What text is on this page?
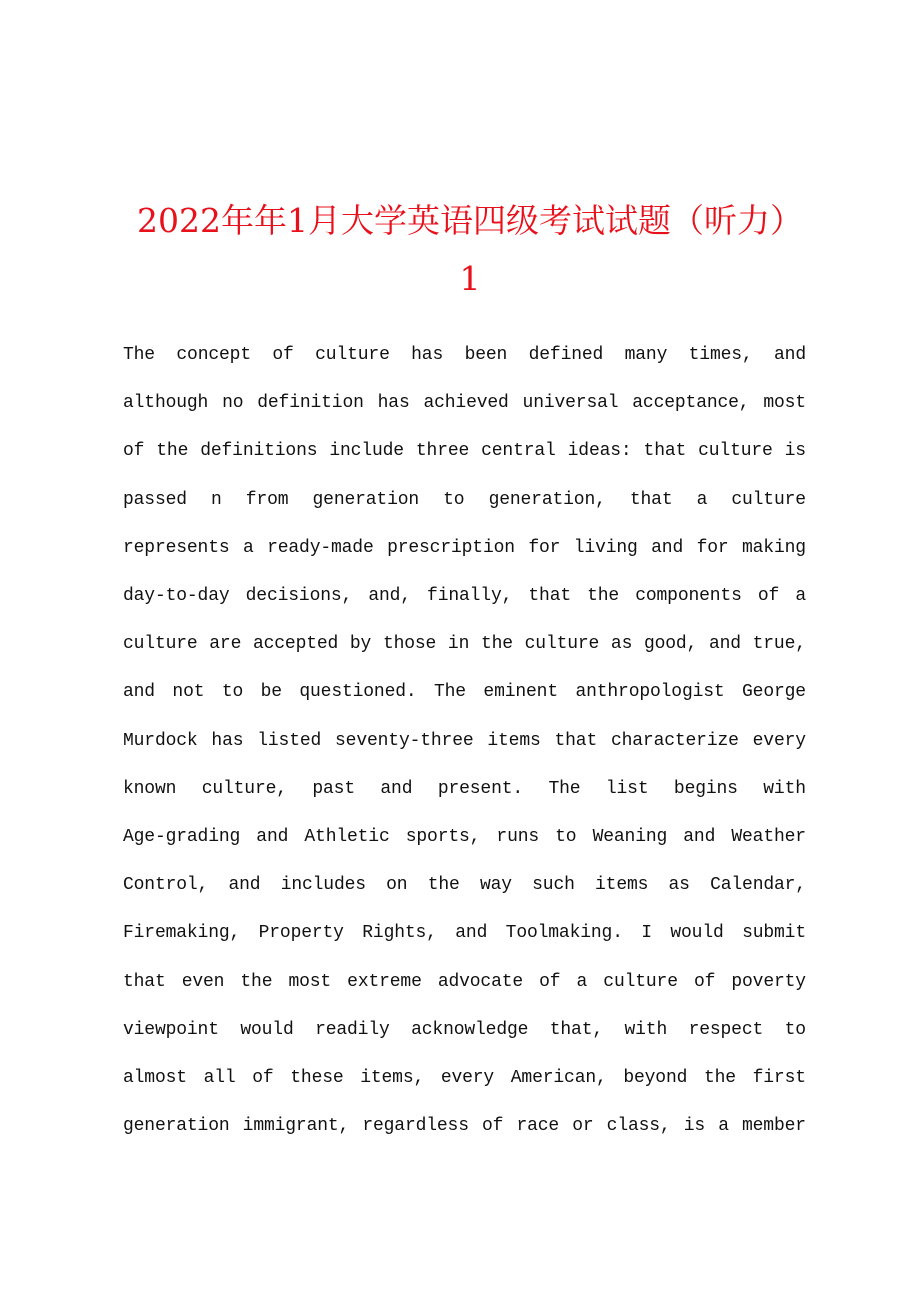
2022年年1月大学英语四级考试试题（听力）
1
The concept of culture has been defined many times, and
although no definition has achieved universal acceptance, most
of the definitions include three central ideas: that culture is
passed n from generation to generation, that a culture
represents a ready-made prescription for living and for making
day-to-day decisions, and, finally, that the components of a
culture are accepted by those in the culture as good, and true,
and not to be questioned. The eminent anthropologist George
Murdock has listed seventy-three items that characterize every
known culture, past and present. The list begins with
Age-grading and Athletic sports, runs to Weaning and Weather
Control, and includes on the way such items as Calendar,
Firemaking, Property Rights, and Toolmaking. I would submit
that even the most extreme advocate of a culture of poverty
viewpoint would readily acknowledge that, with respect to
almost all of these items, every American, beyond the first
generation immigrant, regardless of race or class, is a member
